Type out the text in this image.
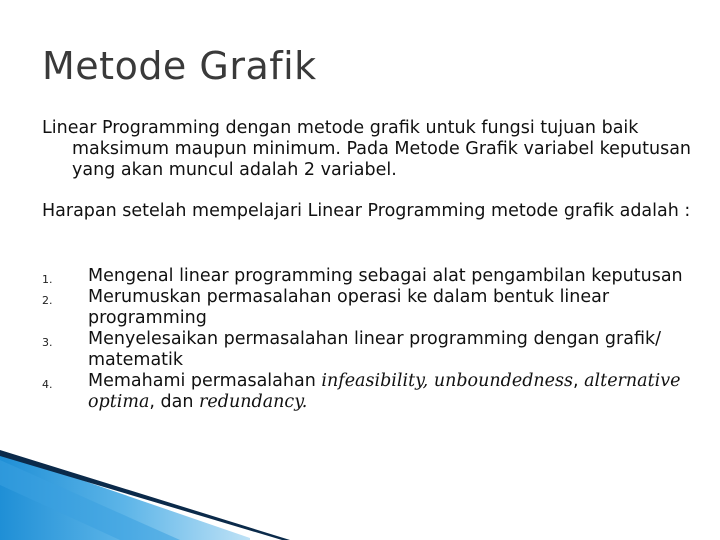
Metode Grafik
Linear Programming dengan metode grafik untuk fungsi tujuan baik maksimum maupun minimum. Pada Metode Grafik variabel keputusan yang akan muncul adalah 2 variabel.
Harapan setelah mempelajari Linear Programming metode grafik adalah :
1. Mengenal linear programming sebagai alat pengambilan keputusan
2. Merumuskan permasalahan operasi ke dalam bentuk linear programming
3. Menyelesaikan permasalahan linear programming dengan grafik/ matematik
4. Memahami permasalahan infeasibility, unboundedness, alternative optima, dan redundancy.
